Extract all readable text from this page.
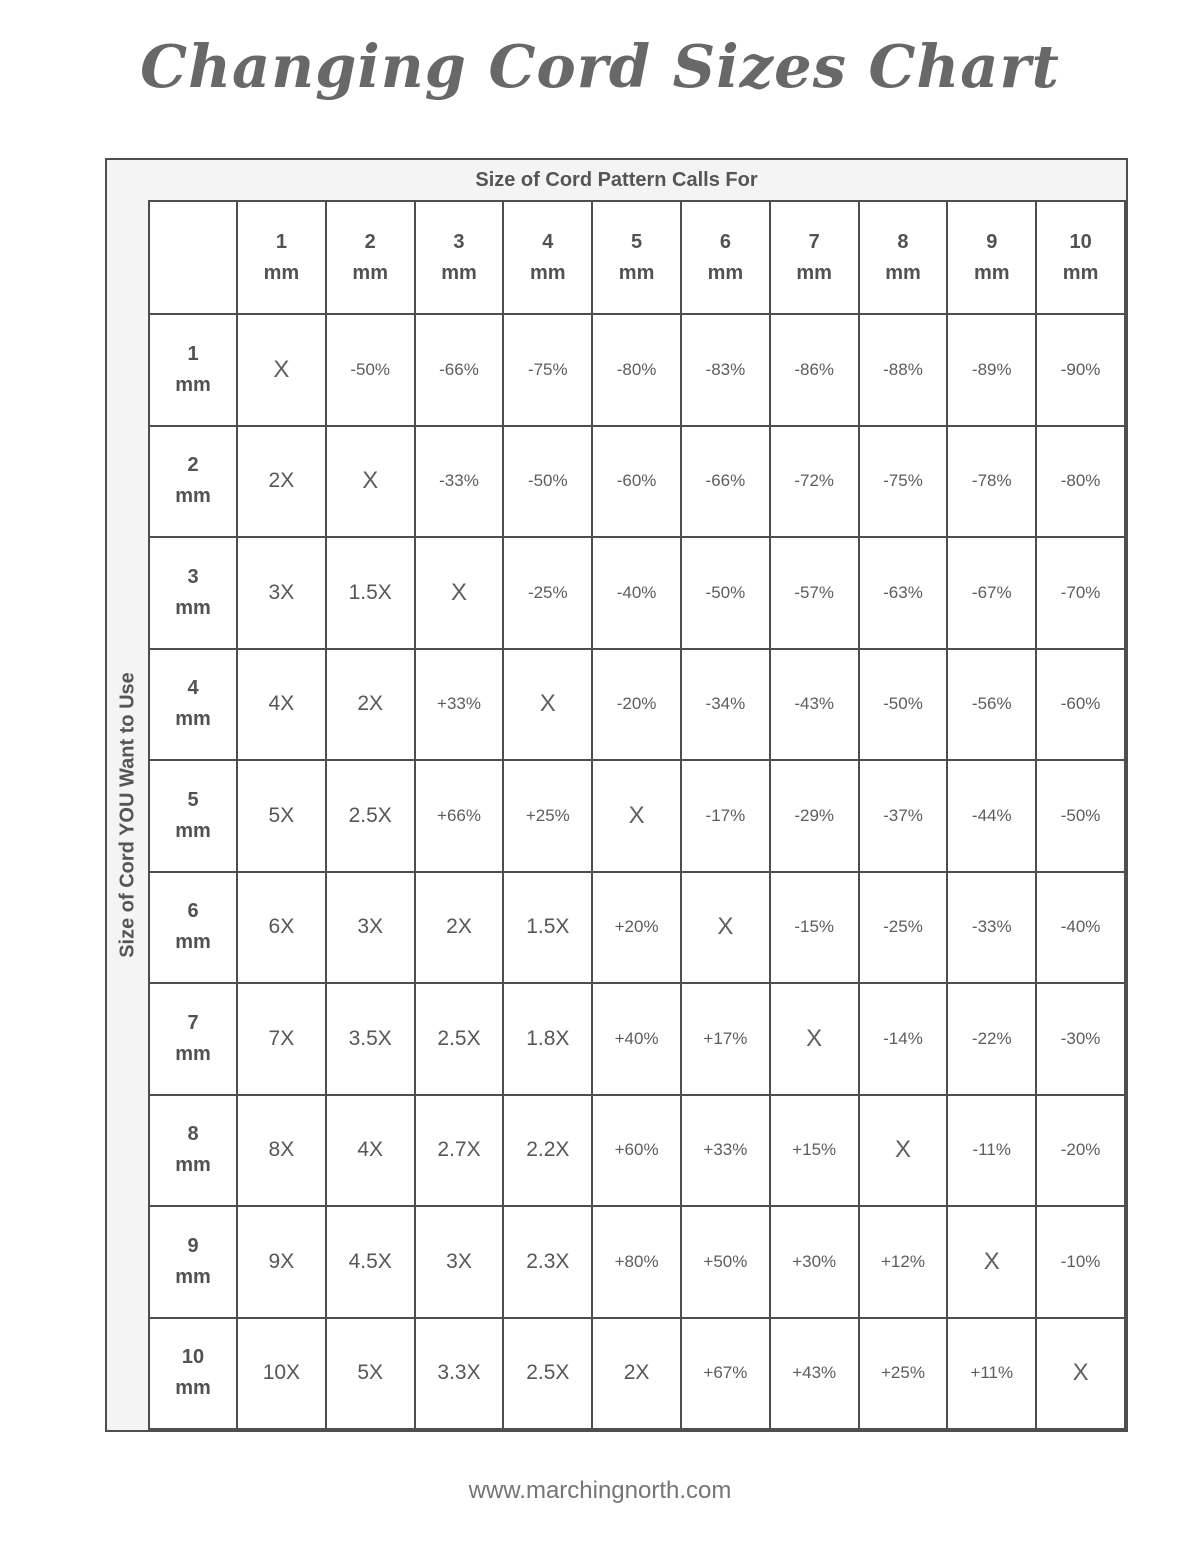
Changing Cord Sizes Chart
Size of Cord Pattern Calls For
Size of Cord YOU Want to Use

	1
mm	2
mm	3
mm	4
mm	5
mm	6
mm	7
mm	8
mm	9
mm	10
mm

1
mm	X	-50%	-66%	-75%	-80%	-83%	-86%	-88%	-89%	-90%

2
mm	2X	X	-33%	-50%	-60%	-66%	-72%	-75%	-78%	-80%

3
mm	3X	1.5X	X	-25%	-40%	-50%	-57%	-63%	-67%	-70%

4
mm	4X	2X	+33%	X	-20%	-34%	-43%	-50%	-56%	-60%

5
mm	5X	2.5X	+66%	+25%	X	-17%	-29%	-37%	-44%	-50%

6
mm	6X	3X	2X	1.5X	+20%	X	-15%	-25%	-33%	-40%

7
mm	7X	3.5X	2.5X	1.8X	+40%	+17%	X	-14%	-22%	-30%

8
mm	8X	4X	2.7X	2.2X	+60%	+33%	+15%	X	-11%	-20%

9
mm	9X	4.5X	3X	2.3X	+80%	+50%	+30%	+12%	X	-10%

10
mm	10X	5X	3.3X	2.5X	2X	+67%	+43%	+25%	+11%	X
www.marchingnorth.com
